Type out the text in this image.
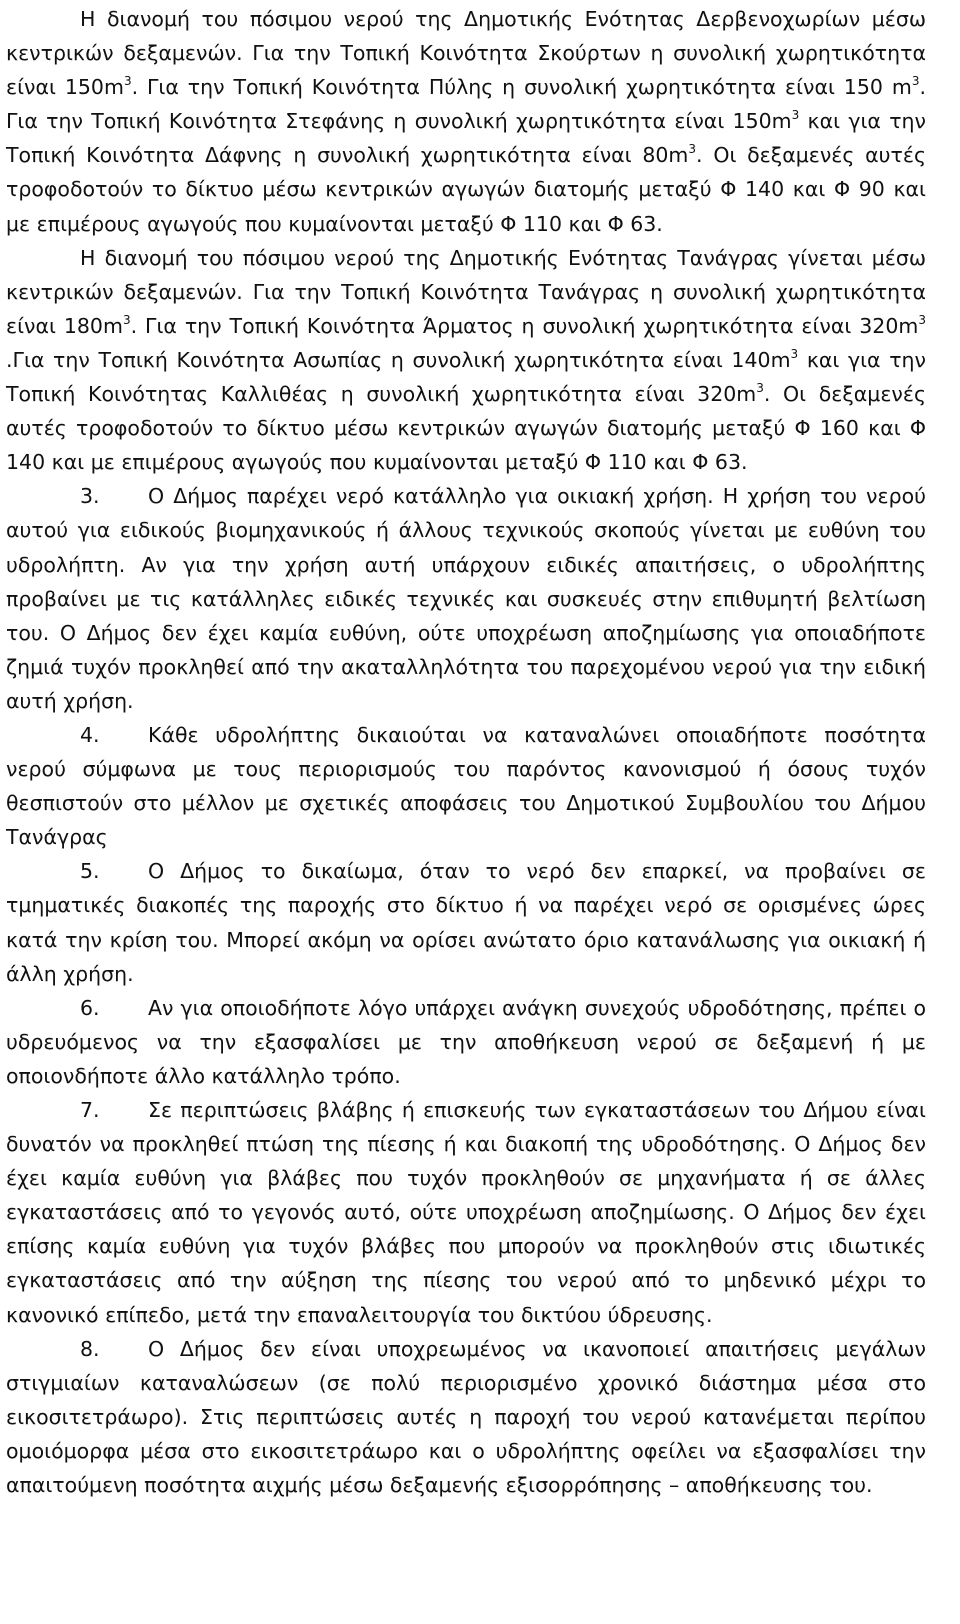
Η διανομή του πόσιμου νερού της Δημοτικής Ενότητας Δερβενοχωρίων μέσω κεντρικών δεξαμενών. Για την Τοπική Κοινότητα Σκούρτων η συνολική χωρητικότητα είναι $150m^3$. Για την Τοπική Κοινότητα Πύλης η συνολική χωρητικότητα είναι 150 $m^3$. Για την Τοπική Κοινότητα Στεφάνης η συνολική χωρητικότητα είναι $150m^3$ και για την Τοπική Κοινότητα Δάφνης η συνολική χωρητικότητα είναι $80m^3$. Οι δεξαμενές αυτές τροφοδοτούν το δίκτυο μέσω κεντρικών αγωγών διατομής μεταξύ Φ 140 και Φ 90 και με επιμέρους αγωγούς που κυμαίνονται μεταξύ Φ 110 και Φ 63.

Η διανομή του πόσιμου νερού της Δημοτικής Ενότητας Τανάγρας γίνεται μέσω κεντρικών δεξαμενών. Για την Τοπική Κοινότητα Τανάγρας η συνολική χωρητικότητα είναι $180m^3$. Για την Τοπική Κοινότητα Άρματος η συνολική χωρητικότητα είναι $320m^3$ .Για την Τοπική Κοινότητα Ασωπίας η συνολική χωρητικότητα είναι $140m^3$ και για την Τοπική Κοινότητας Καλλιθέας η συνολική χωρητικότητα είναι $320m^3$. Οι δεξαμενές αυτές τροφοδοτούν το δίκτυο μέσω κεντρικών αγωγών διατομής μεταξύ Φ 160 και Φ 140 και με επιμέρους αγωγούς που κυμαίνονται μεταξύ Φ 110 και Φ 63.

3. Ο Δήμος παρέχει νερό κατάλληλο για οικιακή χρήση. Η χρήση του νερού αυτού για ειδικούς βιομηχανικούς ή άλλους τεχνικούς σκοπούς γίνεται με ευθύνη του υδρολήπτη. Αν για την χρήση αυτή υπάρχουν ειδικές απαιτήσεις, ο υδρολήπτης προβαίνει με τις κατάλληλες ειδικές τεχνικές και συσκευές στην επιθυμητή βελτίωση του. Ο Δήμος δεν έχει καμία ευθύνη, ούτε υποχρέωση αποζημίωσης για οποιαδήποτε ζημιά τυχόν προκληθεί από την ακαταλληλότητα του παρεχομένου νερού για την ειδική αυτή χρήση.

4. Κάθε υδρολήπτης δικαιούται να καταναλώνει οποιαδήποτε ποσότητα νερού σύμφωνα με τους περιορισμούς του παρόντος κανονισμού ή όσους τυχόν θεσπιστούν στο μέλλον με σχετικές αποφάσεις του Δημοτικού Συμβουλίου του Δήμου Τανάγρας

5. Ο Δήμος το δικαίωμα, όταν το νερό δεν επαρκεί, να προβαίνει σε τμηματικές διακοπές της παροχής στο δίκτυο ή να παρέχει νερό σε ορισμένες ώρες κατά την κρίση του. Μπορεί ακόμη να ορίσει ανώτατο όριο κατανάλωσης για οικιακή ή άλλη χρήση.

6. Αν για οποιοδήποτε λόγο υπάρχει ανάγκη συνεχούς υδροδότησης, πρέπει ο υδρευόμενος να την εξασφαλίσει με την αποθήκευση νερού σε δεξαμενή ή με οποιονδήποτε άλλο κατάλληλο τρόπο.

7. Σε περιπτώσεις βλάβης ή επισκευής των εγκαταστάσεων του Δήμου είναι δυνατόν να προκληθεί πτώση της πίεσης ή και διακοπή της υδροδότησης. Ο Δήμος δεν έχει καμία ευθύνη για βλάβες που τυχόν προκληθούν σε μηχανήματα ή σε άλλες εγκαταστάσεις από το γεγονός αυτό, ούτε υποχρέωση αποζημίωσης. Ο Δήμος δεν έχει επίσης καμία ευθύνη για τυχόν βλάβες που μπορούν να προκληθούν στις ιδιωτικές εγκαταστάσεις από την αύξηση της πίεσης του νερού από το μηδενικό μέχρι το κανονικό επίπεδο, μετά την επαναλειτουργία του δικτύου ύδρευσης.

8. Ο Δήμος δεν είναι υποχρεωμένος να ικανοποιεί απαιτήσεις μεγάλων στιγμιαίων καταναλώσεων (σε πολύ περιορισμένο χρονικό διάστημα μέσα στο εικοσιτετράωρο). Στις περιπτώσεις αυτές η παροχή του νερού κατανέμεται περίπου ομοιόμορφα μέσα στο εικοσιτετράωρο και ο υδρολήπτης οφείλει να εξασφαλίσει την απαιτούμενη ποσότητα αιχμής μέσω δεξαμενής εξισορρόπησης – αποθήκευσης του.
